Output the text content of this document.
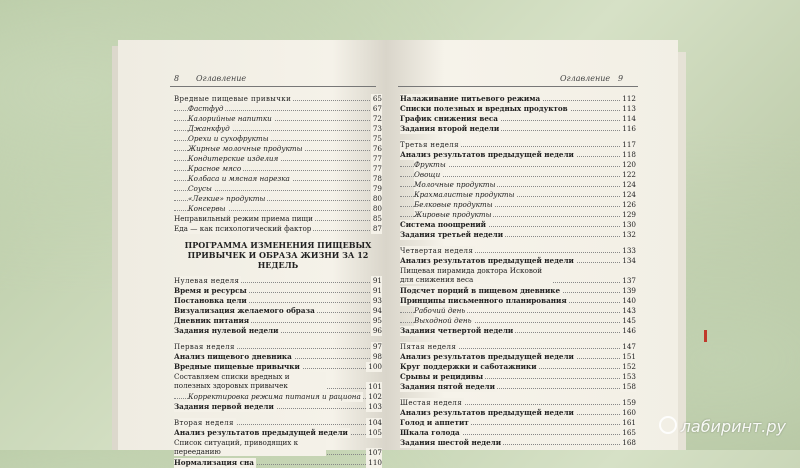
8 Оглавление
Вредные пищевые привычки	65
Фастфуд	67
Калорийные напитки	72
Джанкфуд	73
Орехи и сухофрукты	75
Жирные молочные продукты	76
Кондитерские изделия	77
Красное мясо	77
Колбаса и мясная нарезка	78
Соусы	79
«Легкие» продукты	80
Консервы	80
Неправильный режим приема пищи	85
Еда — как психологический фактор	87
ПРОГРАММА ИЗМЕНЕНИЯ ПИЩЕВЫХ ПРИВЫЧЕК И ОБРАЗА ЖИЗНИ ЗА 12 НЕДЕЛЬ
Нулевая неделя	91
Время и ресурсы	91
Постановка цели	93
Визуализация желаемого образа	94
Дневник питания	95
Задания нулевой недели	96
Первая неделя	97
Анализ пищевого дневника	98
Вредные пищевые привычки	100
Составляем списки вредных и полезных здоровых привычек	101
Корректировка режима питания и рациона 102
Задания первой недели	103
Вторая неделя	104
Анализ результатов предыдущей недели	105
Список ситуаций, приводящих к перееданию	107
Нормализация сна	110
Оглавление 9
Налаживание питьевого режима	112
Списки полезных и вредных продуктов	113
График снижения веса	114
Задания второй недели	116
Третья неделя	117
Анализ результатов предыдущей недели	118
Фрукты	120
Овощи	122
Молочные продукты	124
Крахмалистые продукты	124
Белковые продукты	126
Жировые продукты	129
Система поощрений	130
Задания третьей недели	132
Четвертая неделя	133
Анализ результатов предыдущей недели	134
Пищевая пирамида доктора Исковой для снижения веса	137
Подсчет порций в пищевом дневнике	139
Принципы письменного планирования	140
Рабочий день	143
Выходной день	145
Задания четвертой недели	146
Пятая неделя	147
Анализ результатов предыдущей недели	151
Круг поддержки и саботажники	152
Срывы и рецидивы	153
Задания пятой недели	158
Шестая неделя	159
Анализ результатов предыдущей недели	160
Голод и аппетит	161
Шкала голода	165
Задания шестой недели	168
лабиринт.ру
